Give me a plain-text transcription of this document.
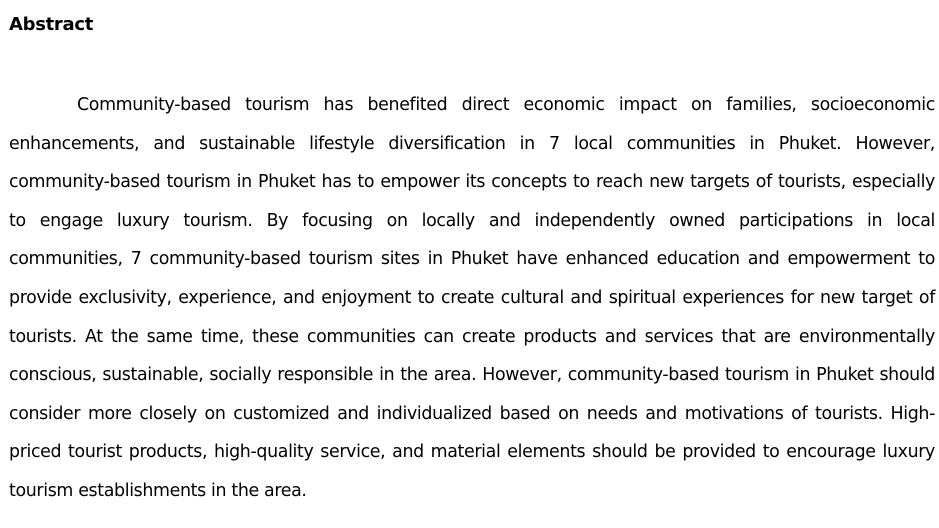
Abstract

Community-based tourism has benefited direct economic impact on families, socioeconomic enhancements, and sustainable lifestyle diversification in 7 local communities in Phuket. However, community-based tourism in Phuket has to empower its concepts to reach new targets of tourists, especially to engage luxury tourism. By focusing on locally and independently owned participations in local communities, 7 community-based tourism sites in Phuket have enhanced education and empowerment to provide exclusivity, experience, and enjoyment to create cultural and spiritual experiences for new target of tourists. At the same time, these communities can create products and services that are environmentally conscious, sustainable, socially responsible in the area. However, community-based tourism in Phuket should consider more closely on customized and individualized based on needs and motivations of tourists. High-priced tourist products, high-quality service, and material elements should be provided to encourage luxury tourism establishments in the area.
